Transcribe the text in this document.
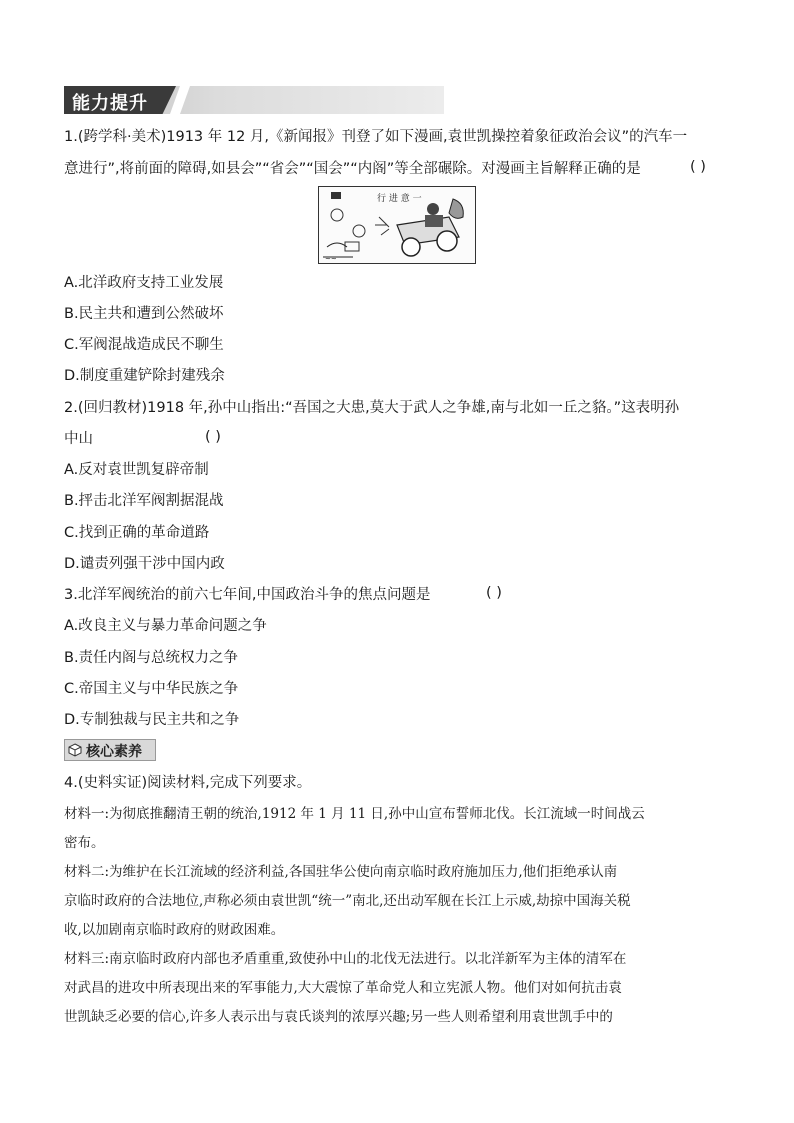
能力提升
1.(跨学科·美术)1913 年 12 月,《新闻报》刊登了如下漫画,袁世凯操控着象征政治会议”的汽车一
意进行”,将前面的障碍,如县会”“省会”“国会”“内阁”等全部碾除。对漫画主旨解释正确的是	( )
行 进 意 一
~~
A.北洋政府支持工业发展
B.民主共和遭到公然破坏
C.军阀混战造成民不聊生
D.制度重建铲除封建残余
2.(回归教材)1918 年,孙中山指出:“吾国之大患,莫大于武人之争雄,南与北如一丘之貉。”这表明孙
中山	( )
A.反对袁世凯复辟帝制
B.抨击北洋军阀割据混战
C.找到正确的革命道路
D.谴责列强干涉中国内政
3.北洋军阀统治的前六七年间,中国政治斗争的焦点问题是	( )
A.改良主义与暴力革命问题之争
B.责任内阁与总统权力之争
C.帝国主义与中华民族之争
D.专制独裁与民主共和之争
核心素养
4.(史料实证)阅读材料,完成下列要求。
材料一:为彻底推翻清王朝的统治,1912 年 1 月 11 日,孙中山宣布誓师北伐。长江流域一时间战云
密布。
材料二:为维护在长江流域的经济利益,各国驻华公使向南京临时政府施加压力,他们拒绝承认南
京临时政府的合法地位,声称必须由袁世凯“统一”南北,还出动军舰在长江上示威,劫掠中国海关税
收,以加剧南京临时政府的财政困难。
材料三:南京临时政府内部也矛盾重重,致使孙中山的北伐无法进行。以北洋新军为主体的清军在
对武昌的进攻中所表现出来的军事能力,大大震惊了革命党人和立宪派人物。他们对如何抗击袁
世凯缺乏必要的信心,许多人表示出与袁氏谈判的浓厚兴趣;另一些人则希望利用袁世凯手中的
